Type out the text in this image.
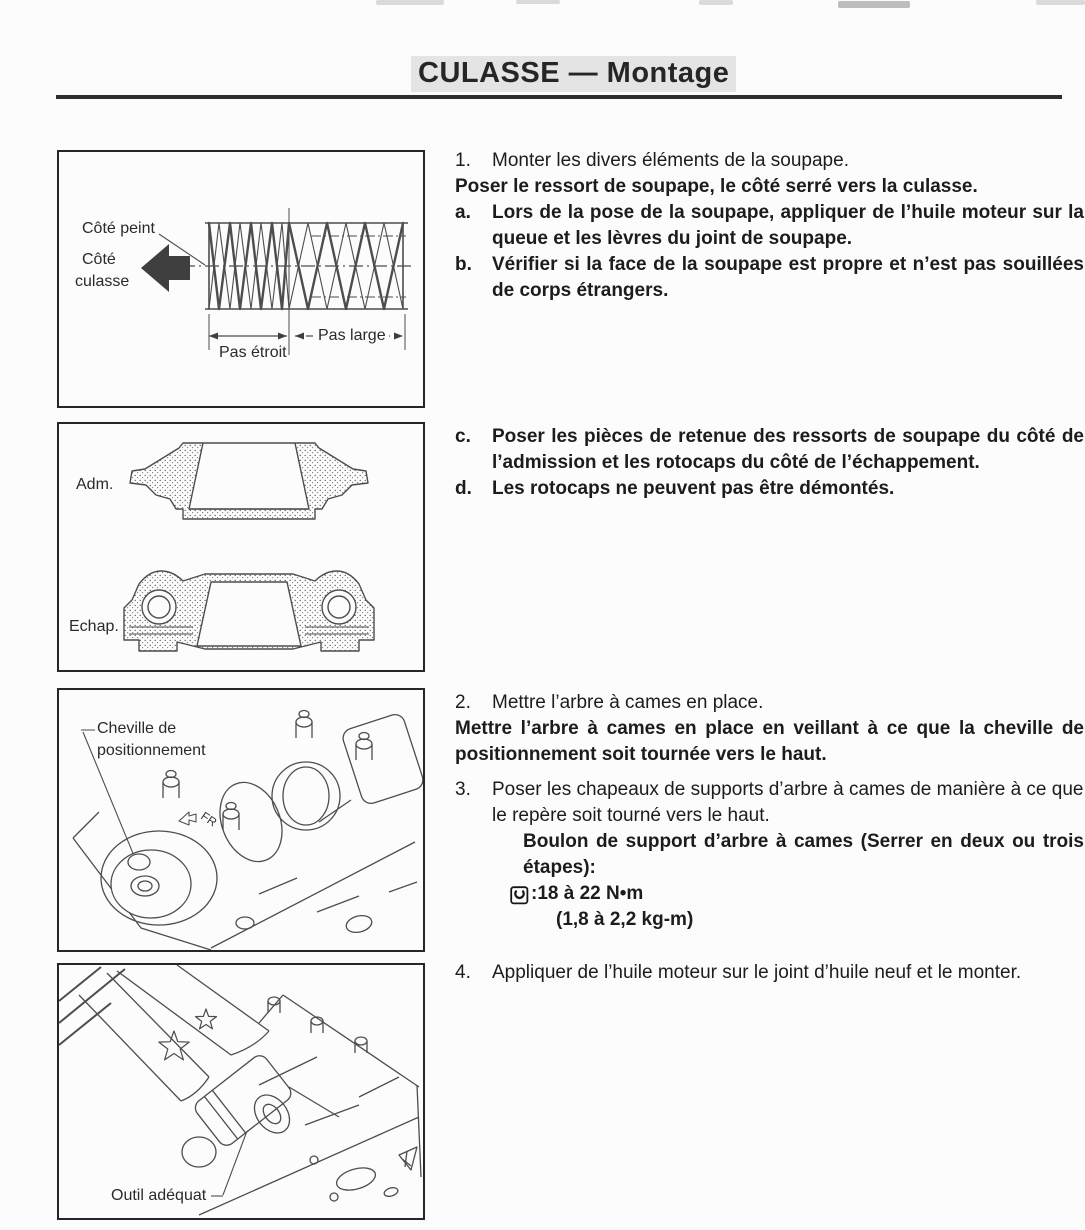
CULASSE — Montage
Côté peint
Côté
culasse
Pas étroit
Pas large
Adm.
Echap.
FR
Cheville de
positionnement
Outil adéquat
1. Monter les divers éléments de la soupape.
Poser le ressort de soupape, le côté serré vers la culasse.
a. Lors de la pose de la soupape, appliquer de l’huile moteur sur la queue et les lèvres du joint de soupape.
b. Vérifier si la face de la soupape est propre et n’est pas souillées de corps étrangers.
c. Poser les pièces de retenue des ressorts de soupape du côté de l’admission et les rotocaps du côté de l’échappement.
d. Les rotocaps ne peuvent pas être démontés.
2. Mettre l’arbre à cames en place.
Mettre l’arbre à cames en place en veillant à ce que la cheville de positionnement soit tournée vers le haut.
3. Poser les chapeaux de supports d’arbre à cames de manière à ce que le repère soit tourné vers le haut.
Boulon de support d’arbre à cames (Serrer en deux ou trois étapes):
:18 à 22 N•m
(1,8 à 2,2 kg-m)
4. Appliquer de l’huile moteur sur le joint d’huile neuf et le monter.
